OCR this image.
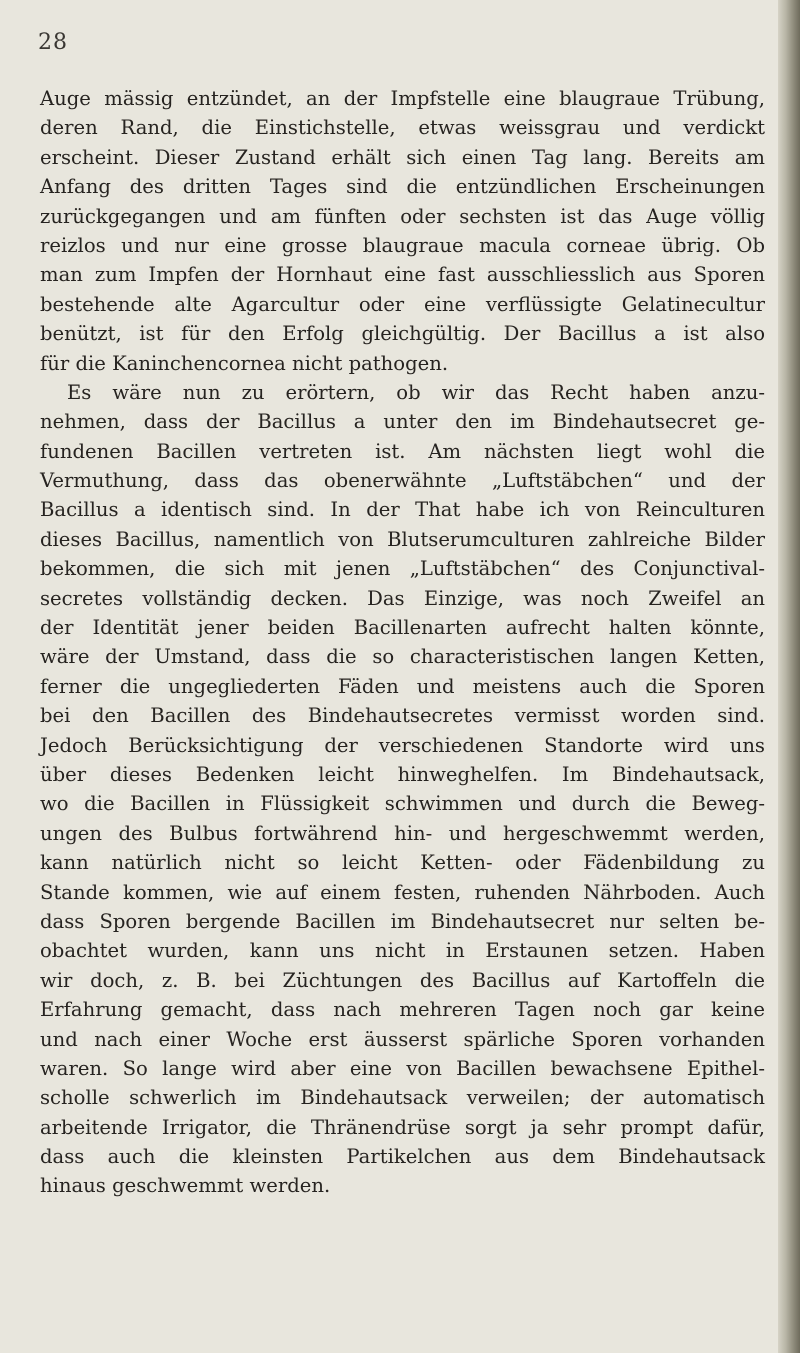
28
Auge mässig entzündet, an der Impfstelle eine blaugraue Trübung,
deren Rand, die Einstichstelle, etwas weissgrau und verdickt
erscheint. Dieser Zustand erhält sich einen Tag lang. Bereits am
Anfang des dritten Tages sind die entzündlichen Erscheinungen
zurückgegangen und am fünften oder sechsten ist das Auge völlig
reizlos und nur eine grosse blaugraue macula corneae übrig. Ob
man zum Impfen der Hornhaut eine fast ausschliesslich aus Sporen
bestehende alte Agarcultur oder eine verflüssigte Gelatinecultur
benützt, ist für den Erfolg gleichgültig. Der Bacillus a ist also
für die Kaninchencornea nicht pathogen.
Es wäre nun zu erörtern, ob wir das Recht haben anzu-
nehmen, dass der Bacillus a unter den im Bindehautsecret ge-
fundenen Bacillen vertreten ist. Am nächsten liegt wohl die
Vermuthung, dass das obenerwähnte „Luftstäbchen“ und der
Bacillus a identisch sind. In der That habe ich von Reinculturen
dieses Bacillus, namentlich von Blutserumculturen zahlreiche Bilder
bekommen, die sich mit jenen „Luftstäbchen“ des Conjunctival-
secretes vollständig decken. Das Einzige, was noch Zweifel an
der Identität jener beiden Bacillenarten aufrecht halten könnte,
wäre der Umstand, dass die so characteristischen langen Ketten,
ferner die ungegliederten Fäden und meistens auch die Sporen
bei den Bacillen des Bindehautsecretes vermisst worden sind.
Jedoch Berücksichtigung der verschiedenen Standorte wird uns
über dieses Bedenken leicht hinweghelfen. Im Bindehautsack,
wo die Bacillen in Flüssigkeit schwimmen und durch die Beweg-
ungen des Bulbus fortwährend hin- und hergeschwemmt werden,
kann natürlich nicht so leicht Ketten- oder Fädenbildung zu
Stande kommen, wie auf einem festen, ruhenden Nährboden. Auch
dass Sporen bergende Bacillen im Bindehautsecret nur selten be-
obachtet wurden, kann uns nicht in Erstaunen setzen. Haben
wir doch, z. B. bei Züchtungen des Bacillus auf Kartoffeln die
Erfahrung gemacht, dass nach mehreren Tagen noch gar keine
und nach einer Woche erst äusserst spärliche Sporen vorhanden
waren. So lange wird aber eine von Bacillen bewachsene Epithel-
scholle schwerlich im Bindehautsack verweilen; der automatisch
arbeitende Irrigator, die Thränendrüse sorgt ja sehr prompt dafür,
dass auch die kleinsten Partikelchen aus dem Bindehautsack
hinaus geschwemmt werden.
